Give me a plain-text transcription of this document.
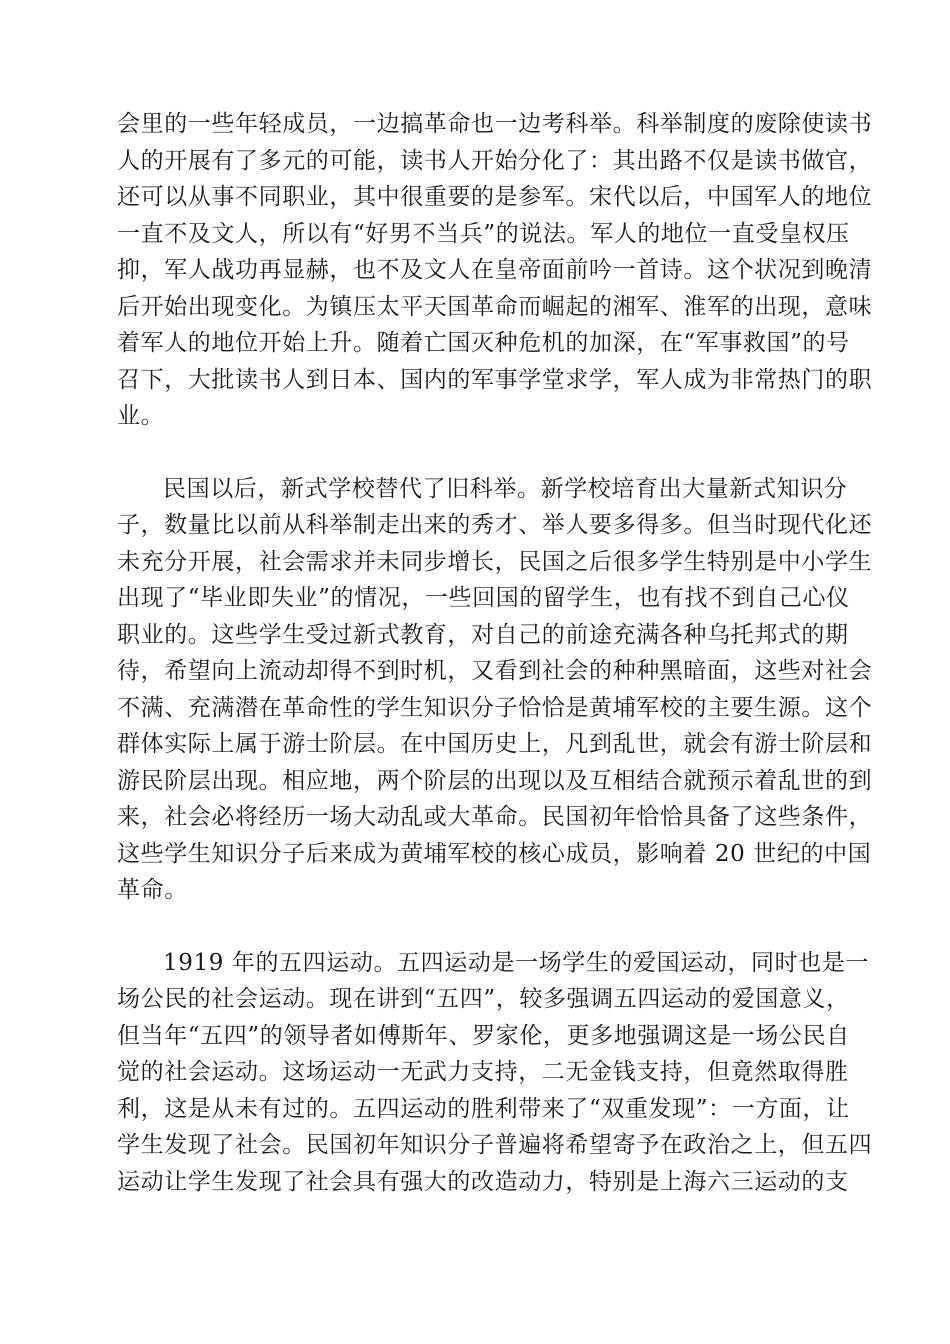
会里的一些年轻成员，一边搞革命也一边考科举。科举制度的废除使读书
人的开展有了多元的可能，读书人开始分化了：其出路不仅是读书做官，
还可以从事不同职业，其中很重要的是参军。宋代以后，中国军人的地位
一直不及文人，所以有“好男不当兵”的说法。军人的地位一直受皇权压
抑，军人战功再显赫，也不及文人在皇帝面前吟一首诗。这个状况到晚清
后开始出现变化。为镇压太平天国革命而崛起的湘军、淮军的出现，意味
着军人的地位开始上升。随着亡国灭种危机的加深，在“军事救国”的号
召下，大批读书人到日本、国内的军事学堂求学，军人成为非常热门的职
业。
民国以后，新式学校替代了旧科举。新学校培育出大量新式知识分
子，数量比以前从科举制走出来的秀才、举人要多得多。但当时现代化还
未充分开展，社会需求并未同步增长，民国之后很多学生特别是中小学生
出现了“毕业即失业”的情况，一些回国的留学生，也有找不到自己心仪
职业的。这些学生受过新式教育，对自己的前途充满各种乌托邦式的期
待，希望向上流动却得不到时机，又看到社会的种种黑暗面，这些对社会
不满、充满潜在革命性的学生知识分子恰恰是黄埔军校的主要生源。这个
群体实际上属于游士阶层。在中国历史上，凡到乱世，就会有游士阶层和
游民阶层出现。相应地，两个阶层的出现以及互相结合就预示着乱世的到
来，社会必将经历一场大动乱或大革命。民国初年恰恰具备了这些条件，
这些学生知识分子后来成为黄埔军校的核心成员，影响着 20 世纪的中国
革命。
1919 年的五四运动。五四运动是一场学生的爱国运动，同时也是一
场公民的社会运动。现在讲到“五四”，较多强调五四运动的爱国意义，
但当年“五四”的领导者如傅斯年、罗家伦，更多地强调这是一场公民自
觉的社会运动。这场运动一无武力支持，二无金钱支持，但竟然取得胜
利，这是从未有过的。五四运动的胜利带来了“双重发现”：一方面，让
学生发现了社会。民国初年知识分子普遍将希望寄予在政治之上，但五四
运动让学生发现了社会具有强大的改造动力，特别是上海六三运动的支
